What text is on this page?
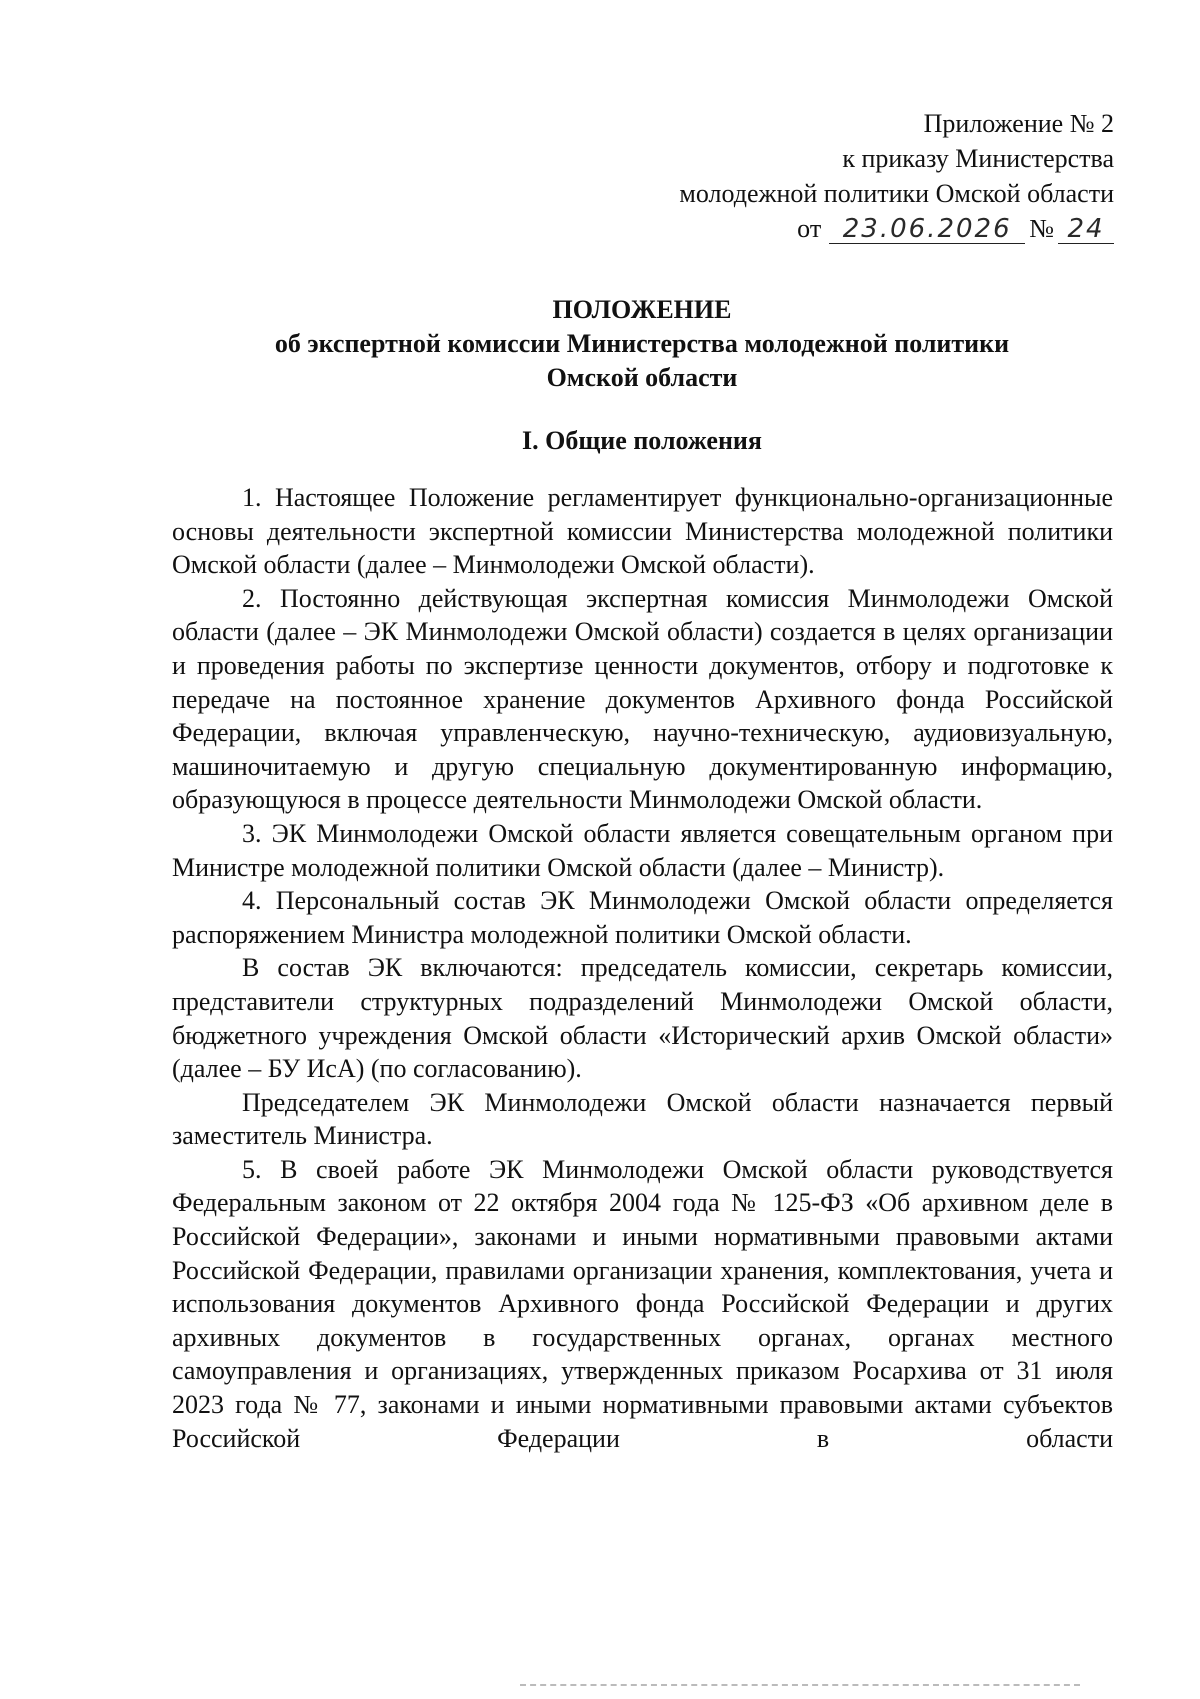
Приложение № 2
к приказу Министерства
молодежной политики Омской области
от 23.06.2026 № 24
ПОЛОЖЕНИЕ
об экспертной комиссии Министерства молодежной политики
Омской области
I. Общие положения

1. Настоящее Положение регламентирует функционально-организационные основы деятельности экспертной комиссии Министерства молодежной политики Омской области (далее – Минмолодежи Омской области).

2. Постоянно действующая экспертная комиссия Минмолодежи Омской области (далее – ЭК Минмолодежи Омской области) создается в целях организации и проведения работы по экспертизе ценности документов, отбору и подготовке к передаче на постоянное хранение документов Архивного фонда Российской Федерации, включая управленческую, научно-техническую, аудиовизуальную, машиночитаемую и другую специальную документированную информацию, образующуюся в процессе деятельности Минмолодежи Омской области.

3. ЭК Минмолодежи Омской области является совещательным органом при Министре молодежной политики Омской области (далее – Министр).

4. Персональный состав ЭК Минмолодежи Омской области определяется распоряжением Министра молодежной политики Омской области.

В состав ЭК включаются: председатель комиссии, секретарь комиссии, представители структурных подразделений Минмолодежи Омской области, бюджетного учреждения Омской области «Исторический архив Омской области» (далее – БУ ИсА) (по согласованию).

Председателем ЭК Минмолодежи Омской области назначается первый заместитель Министра.

5. В своей работе ЭК Минмолодежи Омской области руководствуется Федеральным законом от 22 октября 2004 года № 125-ФЗ «Об архивном деле в Российской Федерации», законами и иными нормативными правовыми актами Российской Федерации, правилами организации хранения, комплектования, учета и использования документов Архивного фонда Российской Федерации и других архивных документов в государственных органах, органах местного самоуправления и организациях, утвержденных приказом Росархива от 31 июля 2023 года № 77, законами и иными нормативными правовыми актами субъектов Российской Федерации в области
